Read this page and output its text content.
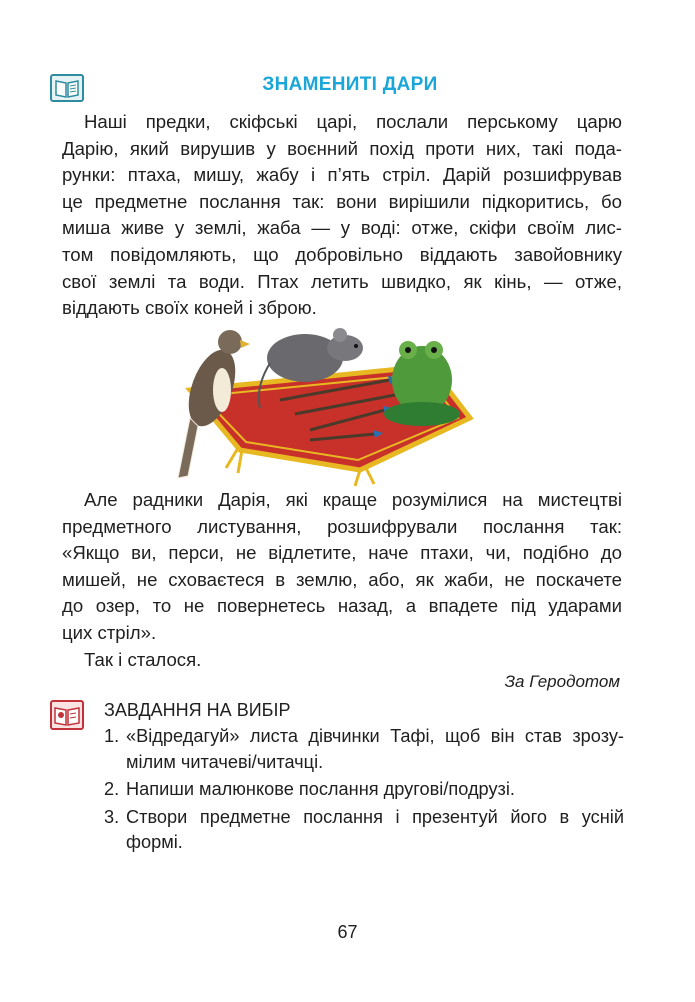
ЗНАМЕНИТІ ДАРИ
Наші предки, скіфські царі, послали перському царю
Дарію, який вирушив у воєнний похід проти них, такі пода-
рунки: птаха, мишу, жабу і п’ять стріл. Дарій розшифрував
це предметне послання так: вони вирішили підкоритись, бо
миша живе у землі, жаба — у воді: отже, скіфи своїм лис-
том повідомляють, що добровільно віддають завойовнику
свої землі та води. Птах летить швидко, як кінь, — отже,
віддають своїх коней і зброю.
Але радники Дарія, які краще розумілися на мистецтві
предметного листування, розшифрували послання так:
«Якщо ви, перси, не відлетите, наче птахи, чи, подібно до
мишей, не сховаєтеся в землю, або, як жаби, не поскачете
до озер, то не повернетесь назад, а впадете під ударами
цих стріл».
Так і сталося.
За Геродотом
ЗАВДАННЯ НА ВИБІР
1. «Відредагуй» листа дівчинки Тафі, щоб він став зрозу-
мілим читачеві/читачці.
2. Напиши малюнкове послання другові/подрузі.
3. Створи предметне послання і презентуй його в усній
формі.
67
